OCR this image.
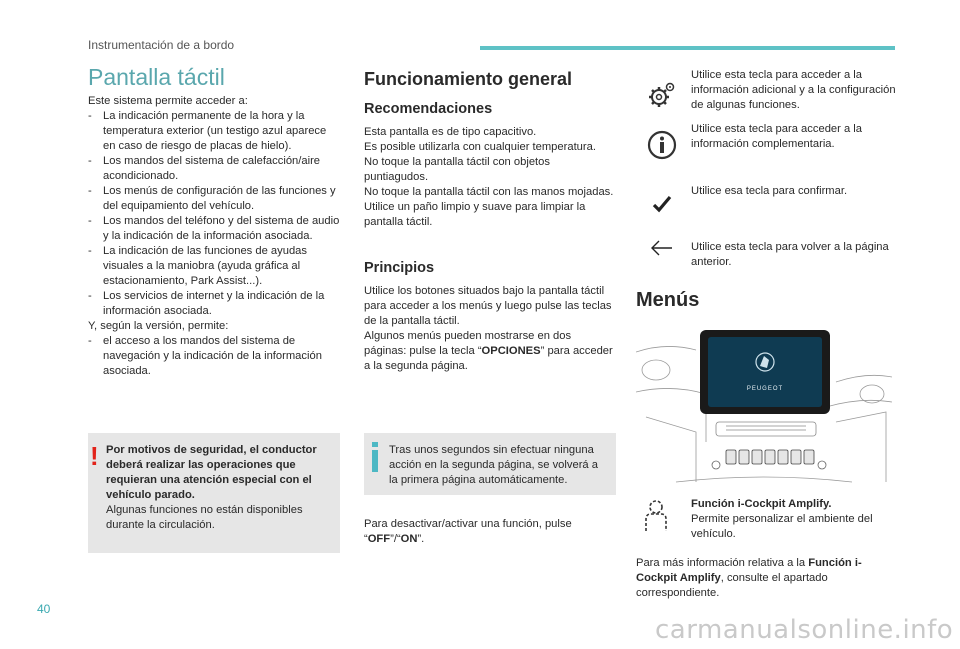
Instrumentación de a bordo
Pantalla táctil

Este sistema permite acceder a:

- La indicación permanente de la hora y la temperatura exterior (un testigo azul aparece en caso de riesgo de placas de hielo).
- Los mandos del sistema de calefacción/aire acondicionado.
- Los menús de configuración de las funciones y del equipamiento del vehículo.
- Los mandos del teléfono y del sistema de audio y la indicación de la información asociada.
- La indicación de las funciones de ayudas visuales a la maniobra (ayuda gráfica al estacionamiento, Park Assist...).
- Los servicios de internet y la indicación de la información asociada.

Y, según la versión, permite:

- el acceso a los mandos del sistema de navegación y la indicación de la información asociada.
! Por motivos de seguridad, el conductor deberá realizar las operaciones que requieran una atención especial con el vehículo parado.

Algunas funciones no están disponibles durante la circulación.

Funcionamiento general
Recomendaciones

Esta pantalla es de tipo capacitivo.

Es posible utilizarla con cualquier temperatura.

No toque la pantalla táctil con objetos puntiagudos.

No toque la pantalla táctil con las manos mojadas.

Utilice un paño limpio y suave para limpiar la pantalla táctil.

Principios

Utilice los botones situados bajo la pantalla táctil para acceder a los menús y luego pulse las teclas de la pantalla táctil.

Algunos menús pueden mostrarse en dos páginas: pulse la tecla “OPCIONES” para acceder a la segunda página.

Tras unos segundos sin efectuar ninguna acción en la segunda página, se volverá a la primera página automáticamente.

Para desactivar/activar una función, pulse “OFF”/“ON”.

Utilice esta tecla para acceder a la información adicional y a la configuración de algunas funciones.

Utilice esta tecla para acceder a la información complementaria.

Utilice esa tecla para confirmar.

Utilice esta tecla para volver a la página anterior.

Menús
PEUGEOT

Función i-Cockpit Amplify.

Permite personalizar el ambiente del vehículo.

Para más información relativa a la Función i-Cockpit Amplify, consulte el apartado correspondiente.

40
carmanualsonline.info
